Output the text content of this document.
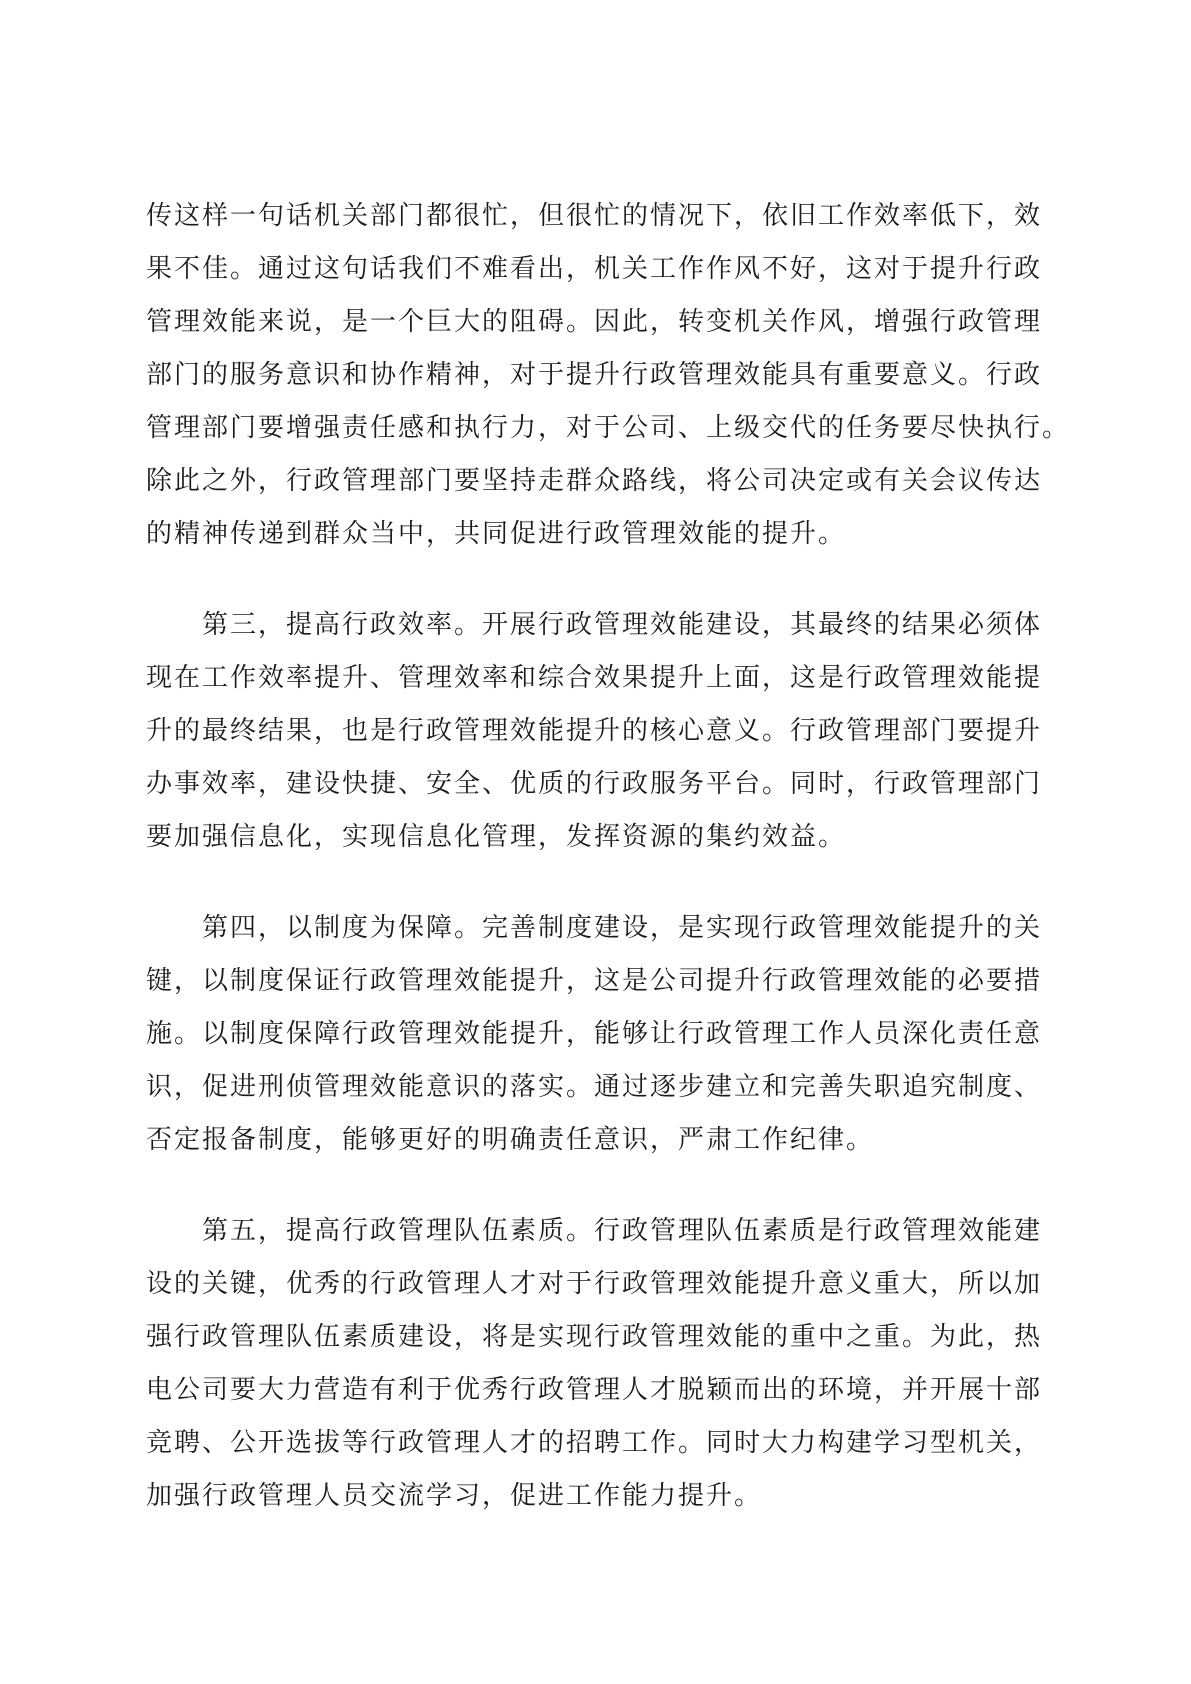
传这样一句话机关部门都很忙，但很忙的情况下，依旧工作效率低下，效
果不佳。通过这句话我们不难看出，机关工作作风不好，这对于提升行政
管理效能来说，是一个巨大的阻碍。因此，转变机关作风，增强行政管理
部门的服务意识和协作精神，对于提升行政管理效能具有重要意义。行政
管理部门要增强责任感和执行力，对于公司、上级交代的任务要尽快执行。
除此之外，行政管理部门要坚持走群众路线，将公司决定或有关会议传达
的精神传递到群众当中，共同促进行政管理效能的提升。
第三，提高行政效率。开展行政管理效能建设，其最终的结果必须体
现在工作效率提升、管理效率和综合效果提升上面，这是行政管理效能提
升的最终结果，也是行政管理效能提升的核心意义。行政管理部门要提升
办事效率，建设快捷、安全、优质的行政服务平台。同时，行政管理部门
要加强信息化，实现信息化管理，发挥资源的集约效益。
第四，以制度为保障。完善制度建设，是实现行政管理效能提升的关
键，以制度保证行政管理效能提升，这是公司提升行政管理效能的必要措
施。以制度保障行政管理效能提升，能够让行政管理工作人员深化责任意
识，促进刑侦管理效能意识的落实。通过逐步建立和完善失职追究制度、
否定报备制度，能够更好的明确责任意识，严肃工作纪律。
第五，提高行政管理队伍素质。行政管理队伍素质是行政管理效能建
设的关键，优秀的行政管理人才对于行政管理效能提升意义重大，所以加
强行政管理队伍素质建设，将是实现行政管理效能的重中之重。为此，热
电公司要大力营造有利于优秀行政管理人才脱颖而出的环境，并开展十部
竞聘、公开选拔等行政管理人才的招聘工作。同时大力构建学习型机关，
加强行政管理人员交流学习，促进工作能力提升。
